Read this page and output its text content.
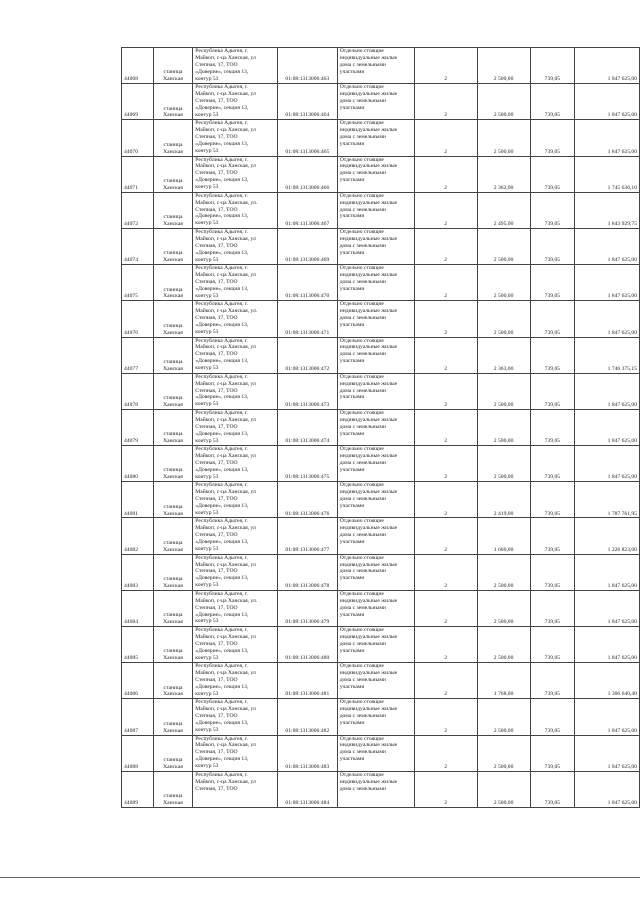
44068	станица Ханская	Республика Адыгея, г.
Майкоп, с-ца Ханская, ул
Степная, 17, ТОО
«Доверие», секция 13,
контур 53	01:08:1313006:463	Отдельно стоящие
индивидуальные жилые
дома с земельными
участками	2	2 500,00	739,05	1 847 625,00
44069	станица Ханская	Республика Адыгея, г.
Майкоп, с-ца Ханская, ул
Степная, 17, ТОО
«Доверие», секция 13,
контур 53	01:08:1313006:464	Отдельно стоящие
индивидуальные жилые
дома с земельными
участками	2	2 500,00	739,05	1 847 625,00
44070	станица Ханская	Республика Адыгея, г.
Майкоп, с-ца Ханская, ул
Степная, 17, ТОО
«Доверие», секция 13,
контур 53	01:08:1313006:465	Отдельно стоящие
индивидуальные жилые
дома с земельными
участками	2	2 500,00	739,05	1 847 625,00
44071	станица Ханская	Республика Адыгея, г.
Майкоп, с-ца Ханская, ул
Степная, 17, ТОО
«Доверие», секция 13,
контур 53	01:08:1313006:466	Отдельно стоящие
индивидуальные жилые
дома с земельными
участками	2	2 362,00	739,05	1 745 636,10
44072	станица Ханская	Республика Адыгея, г.
Майкоп, с-ца Ханская, ул.
Степная, 17, ТОО
«Доверие», секция 13,
контур 53	01:08:1313006:467	Отдельно стоящие
индивидуальные жилые
дома с земельными
участками	2	2 495,00	739,05	1 843 929,75
44074	станица Ханская	Республика Адыгея, г.
Майкоп, с-ца Ханская, ул
Степная, 17, ТОО
«Доверие», секция 13,
контур 53	01:08:1313006:469	Отдельно стоящие
индивидуальные жилые
дома с земельными
участками	2	2 500,00	739,05	1 847 625,00
44075	станица Ханская	Республика Адыгея, г.
Майкоп, с-ца Ханская, ул
Степная, 17, ТОО
«Доверие», секция 13,
контур 53	01:08:1313006:470	Отдельно стоящие
индивидуальные жилые
дома с земельными
участками	2	2 500,00	739,05	1 847 625,00
44076	станица Ханская	Республика Адыгея, г.
Майкоп, с-ца Ханская, ул.
Степная, 17, ТОО
«Доверие», секция 13,
контур 53	01:08:1313006:471	Отдельно стоящие
индивидуальные жилые
дома с земельными
участками	2	2 500,00	739,05	1 847 625,00
44077	станица Ханская	Республика Адыгея, г.
Майкоп, с-ца Ханская, ул
Степная, 17, ТОО
«Доверие», секция 13,
контур 53	01:08:1313006:472	Отдельно стоящие
индивидуальные жилые
дома с земельными
участками	2	2 363,00	739,05	1 746 375,15
44078	станица Ханская	Республика Адыгея, г.
Майкоп, с-ца Ханская, ул
Степная, 17, ТОО
«Доверие», секция 13,
контур 53	01:08:1313006:473	Отдельно стоящие
индивидуальные жилые
дома с земельными
участками	2	2 500,00	739,05	1 847 625,00
44079	станица Ханская	Республика Адыгея, г.
Майкоп, с-ца Ханская, ул
Степная, 17, ТОО
«Доверие», секция 13,
контур 53	01:08:1313006:474	Отдельно стоящие
индивидуальные жилые
дома с земельными
участками	2	2 500,00	739,05	1 847 625,00
44080	станица Ханская	Республика Адыгея, г.
Майкоп, с-ца Ханская, ул
Степная, 17, ТОО
«Доверие», секция 13,
контур 53	01:08:1313006:475	Отдельно стоящие
индивидуальные жилые
дома с земельными
участками	2	2 500,00	739,05	1 847 625,00
44081	станица Ханская	Республика Адыгея, г.
Майкоп, с-ца Ханская, ул
Степная, 17, ТОО
«Доверие», секция 13,
контур 53	01:08:1313006:476	Отдельно стоящие
индивидуальные жилые
дома с земельными
участками	2	2 419,00	739,05	1 787 761,95
44082	станица Ханская	Республика Адыгея, г.
Майкоп, с-ца Ханская, ул
Степная, 17, ТОО
«Доверие», секция 13,
контур 53	01:08:1313006:477	Отдельно стоящие
индивидуальные жилые
дома с земельными
участками	2	1 660,00	739,05	1 226 823,00
44083	станица Ханская	Республика Адыгея, г.
Майкоп, с-ца Ханская, ул
Степная, 17, ТОО
«Доверие», секция 13,
контур 53	01:08:1313006:478	Отдельно стоящие
индивидуальные жилые
дома с земельными
участками	2	2 500,00	739,05	1 847 625,00
44084	станица Ханская	Республика Адыгея, г.
Майкоп, с-ца Ханская, ул.
Степная, 17, ТОО
«Доверие», секция 13,
контур 53	01:08:1313006:479	Отдельно стоящие
индивидуальные жилые
дома с земельными
участками	2	2 500,00	739,05	1 847 625,00
44085	станица Ханская	Республика Адыгея, г.
Майкоп, с-ца Ханская, ул
Степная, 17, ТОО
«Доверие», секция 13,
контур 53	01:08:1313006:480	Отдельно стоящие
индивидуальные жилые
дома с земельными
участками	2	2 500,00	739,05	1 847 625,00
44086	станица Ханская	Республика Адыгея, г.
Майкоп, с-ца Ханская, ул
Степная, 17, ТОО
«Доверие», секция 13,
контур 53	01:08:1313006:481	Отдельно стоящие
индивидуальные жилые
дома с земельными
участками	2	1 768,00	739,05	1 306 640,40
44087	станица Ханская	Республика Адыгея, г.
Майкоп, с-ца Ханская, ул
Степная, 17, ТОО
«Доверие», секция 13,
контур 53	01:08:1313006:482	Отдельно стоящие
индивидуальные жилые
дома с земельными
участками	2	2 500,00	739,05	1 847 625,00
44088	станица Ханская	Республика Адыгея, г.
Майкоп, с-ца Ханская, ул
Степная, 17, ТОО
«Доверие», секция 13,
контур 53	01:08:1313006:483	Отдельно стоящие
индивидуальные жилые
дома с земельными
участками	2	2 500,00	739,05	1 847 625,00
44089	станица Ханская	Республика Адыгея, г.
Майкоп, с-ца Ханская, ул
Степная, 17, ТОО	01:08:1313006:484	Отдельно стоящие
индивидуальные жилые
дома с земельными	2	2 500,00	739,05	1 847 625,00
